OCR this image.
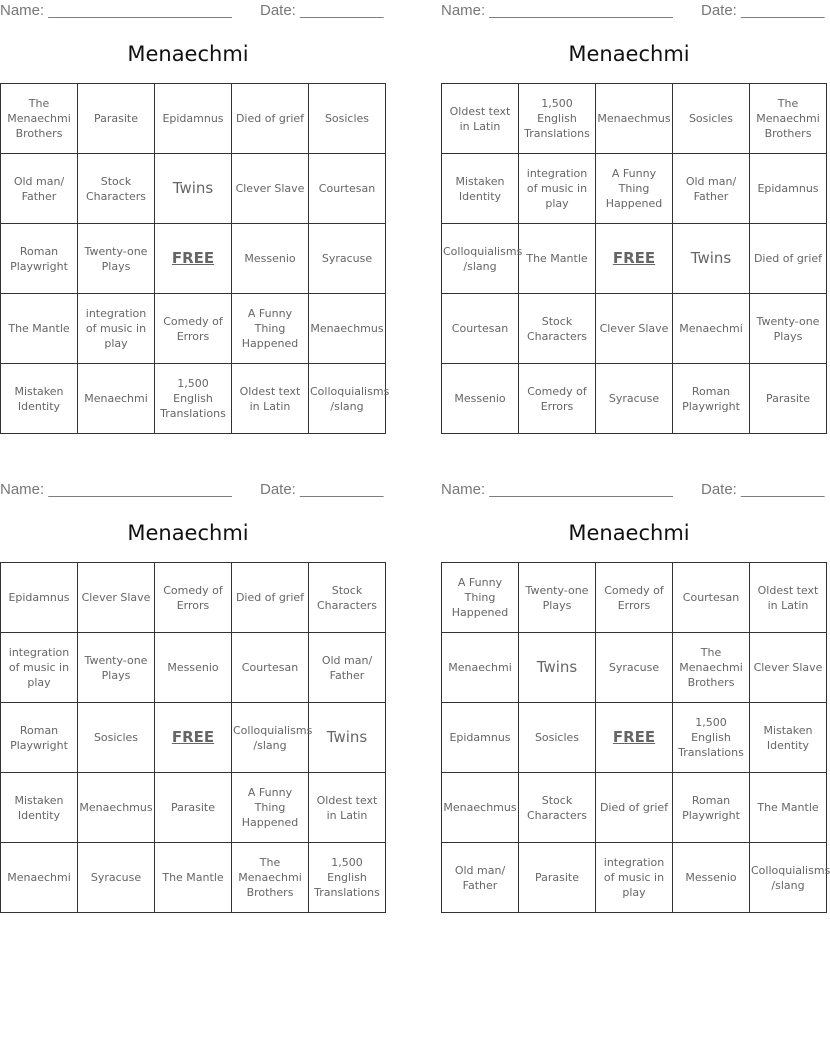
Name: ______________________ Date: __________
Menaechmi
The Menaechmi Brothers	Parasite	Epidamnus	Died of grief	Sosicles
Old man/ Father	Stock Characters	Twins	Clever Slave	Courtesan
Roman Playwright	Twenty-one Plays	FREE	Messenio	Syracuse
The Mantle	integration of music in play	Comedy of Errors	A Funny Thing Happened	Menaechmus
Mistaken Identity	Menaechmi	1,500 English Translations	Oldest text in Latin	Colloquialisms /slang
Name: ______________________ Date: __________
Menaechmi
Oldest text in Latin	1,500 English Translations	Menaechmus	Sosicles	The Menaechmi Brothers
Mistaken Identity	integration of music in play	A Funny Thing Happened	Old man/ Father	Epidamnus
Colloquialisms /slang	The Mantle	FREE	Twins	Died of grief
Courtesan	Stock Characters	Clever Slave	Menaechmi	Twenty-one Plays
Messenio	Comedy of Errors	Syracuse	Roman Playwright	Parasite
Name: ______________________ Date: __________
Menaechmi
Epidamnus	Clever Slave	Comedy of Errors	Died of grief	Stock Characters
integration of music in play	Twenty-one Plays	Messenio	Courtesan	Old man/ Father
Roman Playwright	Sosicles	FREE	Colloquialisms /slang	Twins
Mistaken Identity	Menaechmus	Parasite	A Funny Thing Happened	Oldest text in Latin
Menaechmi	Syracuse	The Mantle	The Menaechmi Brothers	1,500 English Translations
Name: ______________________ Date: __________
Menaechmi
A Funny Thing Happened	Twenty-one Plays	Comedy of Errors	Courtesan	Oldest text in Latin
Menaechmi	Twins	Syracuse	The Menaechmi Brothers	Clever Slave
Epidamnus	Sosicles	FREE	1,500 English Translations	Mistaken Identity
Menaechmus	Stock Characters	Died of grief	Roman Playwright	The Mantle
Old man/ Father	Parasite	integration of music in play	Messenio	Colloquialisms /slang
